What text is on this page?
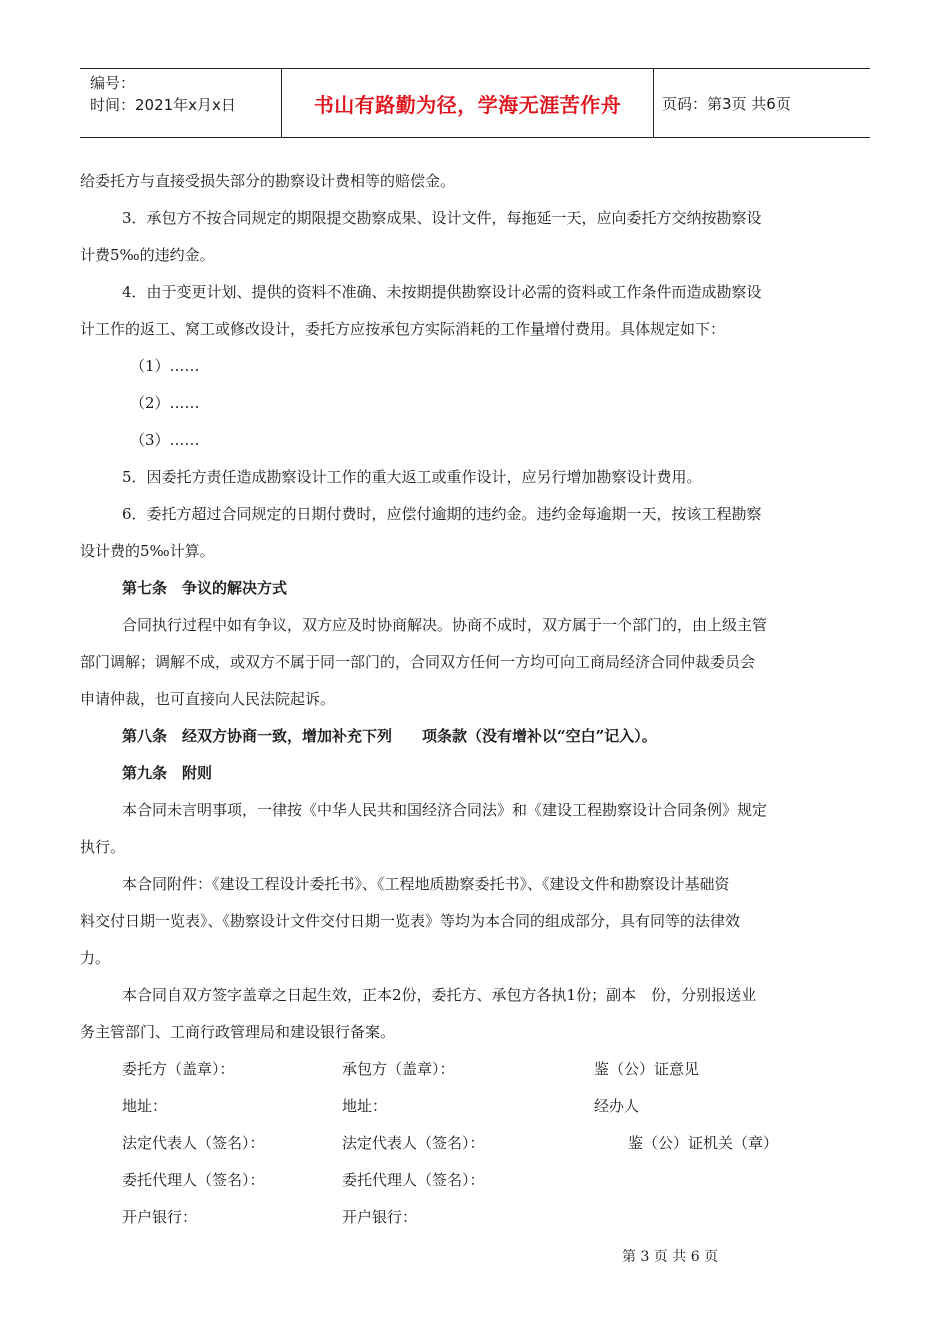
编号：
时间：2021年x月x日	书山有路勤为径，学海无涯苦作舟	页码：第3页 共6页
给委托方与直接受损失部分的勘察设计费相等的赔偿金。
3．承包方不按合同规定的期限提交勘察成果、设计文件，每拖延一天，应向委托方交纳按勘察设
计费5‰的违约金。
4．由于变更计划、提供的资料不准确、未按期提供勘察设计必需的资料或工作条件而造成勘察设
计工作的返工、窝工或修改设计，委托方应按承包方实际消耗的工作量增付费用。具体规定如下：
（1）……
（2）……
（3）……
5．因委托方责任造成勘察设计工作的重大返工或重作设计，应另行增加勘察设计费用。
6．委托方超过合同规定的日期付费时，应偿付逾期的违约金。违约金每逾期一天，按该工程勘察
设计费的5‰计算。
第七条　争议的解决方式
合同执行过程中如有争议，双方应及时协商解决。协商不成时，双方属于一个部门的，由上级主管
部门调解；调解不成，或双方不属于同一部门的，合同双方任何一方均可向工商局经济合同仲裁委员会
申请仲裁，也可直接向人民法院起诉。
第八条　经双方协商一致，增加补充下列 项条款（没有增补以“空白”记入）。
第九条　附则
本合同未言明事项，一律按《中华人民共和国经济合同法》和《建设工程勘察设计合同条例》规定
执行。
本合同附件：《建设工程设计委托书》、《工程地质勘察委托书》、《建设文件和勘察设计基础资
料交付日期一览表》、《勘察设计文件交付日期一览表》等均为本合同的组成部分，具有同等的法律效
力。
本合同自双方签字盖章之日起生效，正本2份，委托方、承包方各执1份；副本　份，分别报送业
务主管部门、工商行政管理局和建设银行备案。
委托方（盖章）：	承包方（盖章）：	鉴（公）证意见
地址：	地址：	经办人
法定代表人（签名）：	法定代表人（签名）：	鉴（公）证机关（章）
委托代理人（签名）：	委托代理人（签名）：
开户银行：	开户银行：
第 3 页 共 6 页
